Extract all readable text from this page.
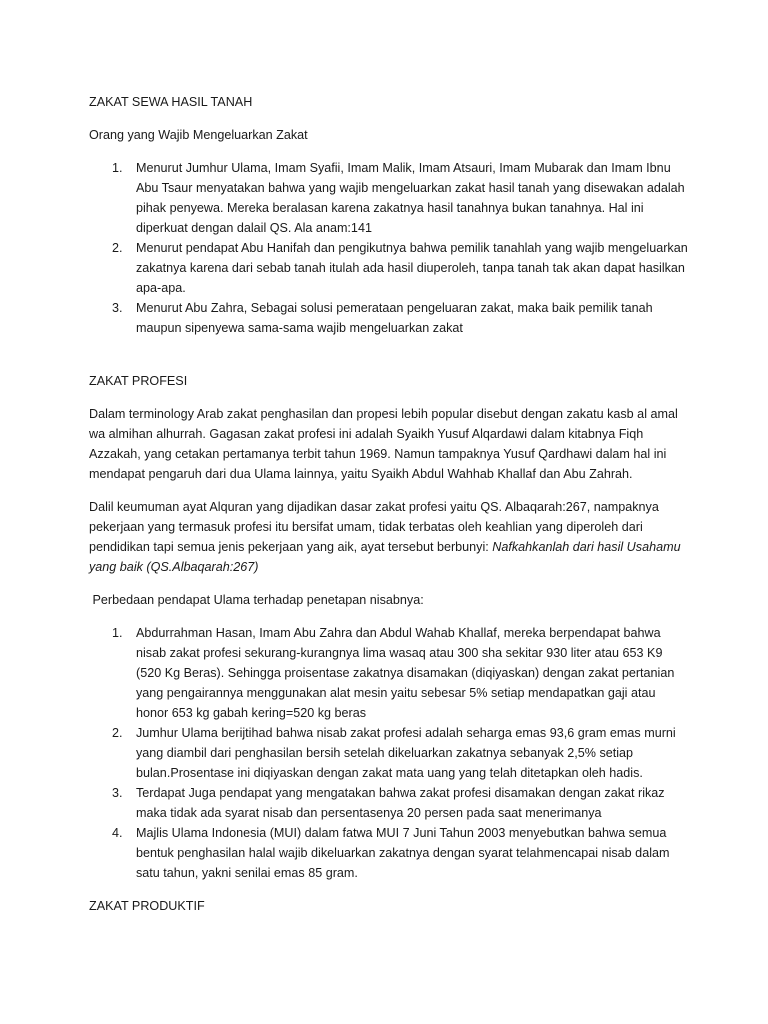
ZAKAT SEWA HASIL TANAH

Orang yang Wajib Mengeluarkan Zakat

1. Menurut Jumhur Ulama, Imam Syafii, Imam Malik, Imam Atsauri, Imam Mubarak dan Imam Ibnu Abu Tsaur menyatakan bahwa yang wajib mengeluarkan zakat hasil tanah yang disewakan adalah pihak penyewa. Mereka beralasan karena zakatnya hasil tanahnya bukan tanahnya. Hal ini diperkuat dengan dalail QS. Ala anam:141
2. Menurut pendapat Abu Hanifah dan pengikutnya bahwa pemilik tanahlah yang wajib mengeluarkan zakatnya karena dari sebab tanah itulah ada hasil diuperoleh, tanpa tanah tak akan dapat hasilkan apa-apa.
3. Menurut Abu Zahra, Sebagai solusi pemerataan pengeluaran zakat, maka baik pemilik tanah maupun sipenyewa sama-sama wajib mengeluarkan zakat

ZAKAT PROFESI

Dalam terminology Arab zakat penghasilan dan propesi lebih popular disebut dengan zakatu kasb al amal wa almihan alhurrah. Gagasan zakat profesi ini adalah Syaikh Yusuf Alqardawi dalam kitabnya Fiqh Azzakah, yang cetakan pertamanya terbit tahun 1969. Namun tampaknya Yusuf Qardhawi dalam hal ini mendapat pengaruh dari dua Ulama lainnya, yaitu Syaikh Abdul Wahhab Khallaf dan Abu Zahrah.

Dalil keumuman ayat Alquran yang dijadikan dasar zakat profesi yaitu QS. Albaqarah:267, nampaknya pekerjaan yang termasuk profesi itu bersifat umam, tidak terbatas oleh keahlian yang diperoleh dari pendidikan tapi semua jenis pekerjaan yang aik, ayat tersebut berbunyi: Nafkahkanlah dari hasil Usahamu yang baik (QS.Albaqarah:267)

Perbedaan pendapat Ulama terhadap penetapan nisabnya:

1. Abdurrahman Hasan, Imam Abu Zahra dan Abdul Wahab Khallaf, mereka berpendapat bahwa nisab zakat profesi sekurang-kurangnya lima wasaq atau 300 sha sekitar 930 liter atau 653 K9 (520 Kg Beras). Sehingga proisentase zakatnya disamakan (diqiyaskan) dengan zakat pertanian yang pengairannya menggunakan alat mesin yaitu sebesar 5% setiap mendapatkan gaji atau honor 653 kg gabah kering=520 kg beras
2. Jumhur Ulama berijtihad bahwa nisab zakat profesi adalah seharga emas 93,6 gram emas murni yang diambil dari penghasilan bersih setelah dikeluarkan zakatnya sebanyak 2,5% setiap bulan.Prosentase ini diqiyaskan dengan zakat mata uang yang telah ditetapkan oleh hadis.
3. Terdapat Juga pendapat yang mengatakan bahwa zakat profesi disamakan dengan zakat rikaz maka tidak ada syarat nisab dan persentasenya 20 persen pada saat menerimanya
4. Majlis Ulama Indonesia (MUI) dalam fatwa MUI 7 Juni Tahun 2003 menyebutkan bahwa semua bentuk penghasilan halal wajib dikeluarkan zakatnya dengan syarat telahmencapai nisab dalam satu tahun, yakni senilai emas 85 gram.

ZAKAT PRODUKTIF
